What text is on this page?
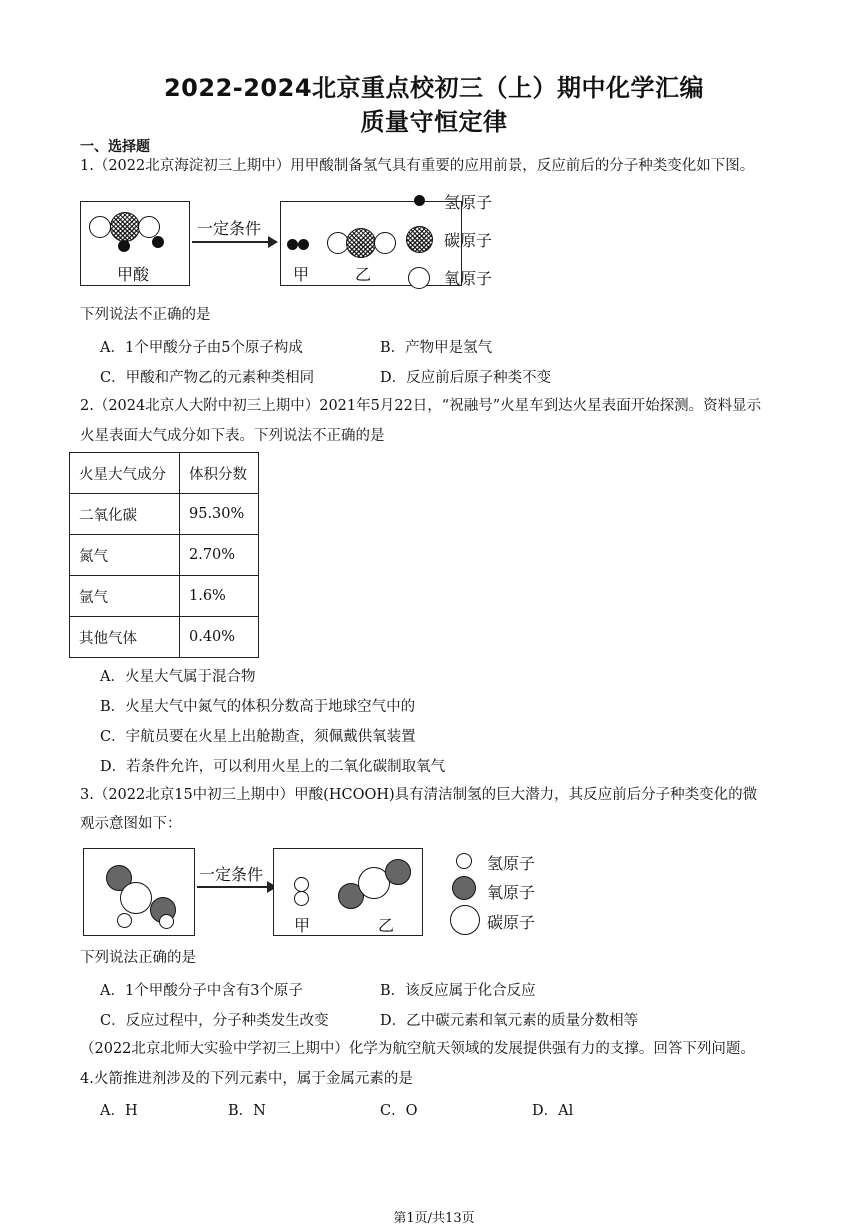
2022-2024北京重点校初三（上）期中化学汇编
质量守恒定律
一、选择题
1.（2022北京海淀初三上期中）用甲酸制备氢气具有重要的应用前景，反应前后的分子种类变化如下图。
甲酸
一定条件
甲	乙
氢原子
碳原子
氧原子
下列说法不正确的是
A．1个甲酸分子由5个原子构成	B．产物甲是氢气
C．甲酸和产物乙的元素种类相同	D．反应前后原子种类不变
2.（2024北京人大附中初三上期中）2021年5月22日，“祝融号”火星车到达火星表面开始探测。资料显示
火星表面大气成分如下表。下列说法不正确的是
火星大气成分	体积分数
二氧化碳	95.30%
氮气	2.70%
氩气	1.6%
其他气体	0.40%
A．火星大气属于混合物
B．火星大气中氮气的体积分数高于地球空气中的
C．宇航员要在火星上出舱勘查，须佩戴供氧装置
D．若条件允许，可以利用火星上的二氧化碳制取氧气
3.（2022北京15中初三上期中）甲酸(HCOOH)具有清洁制氢的巨大潜力，其反应前后分子种类变化的微
观示意图如下：
一定条件
甲	乙
氢原子
氧原子
碳原子
下列说法正确的是
A．1个甲酸分子中含有3个原子	B．该反应属于化合反应
C．反应过程中，分子种类发生改变	D．乙中碳元素和氧元素的质量分数相等
（2022北京北师大实验中学初三上期中）化学为航空航天领域的发展提供强有力的支撑。回答下列问题。
4.火箭推进剂涉及的下列元素中，属于金属元素的是
A．H	B．N	C．O	D．Al
第1页/共13页
